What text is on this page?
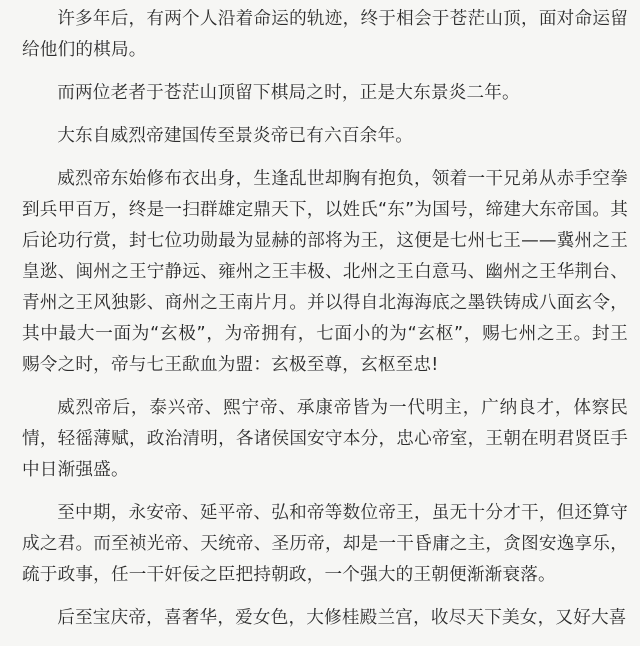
许多年后，有两个人沿着命运的轨迹，终于相会于苍茫山顶，面对命运留给他们的棋局。

而两位老者于苍茫山顶留下棋局之时，正是大东景炎二年。

大东自威烈帝建国传至景炎帝已有六百余年。

威烈帝东始修布衣出身，生逢乱世却胸有抱负，领着一干兄弟从赤手空拳到兵甲百万，终是一扫群雄定鼎天下，以姓氏“东”为国号，缔建大东帝国。其后论功行赏，封七位功勋最为显赫的部将为王，这便是七州七王——冀州之王皇逖、闽州之王宁静远、雍州之王丰极、北州之王白意马、幽州之王华荆台、青州之王风独影、商州之王南片月。并以得自北海海底之墨铁铸成八面玄令，其中最大一面为“玄极”，为帝拥有，七面小的为“玄枢”，赐七州之王。封王赐令之时，帝与七王歃血为盟：玄极至尊，玄枢至忠!

威烈帝后，泰兴帝、熙宁帝、承康帝皆为一代明主，广纳良才，体察民情，轻徭薄赋，政治清明，各诸侯国安守本分，忠心帝室，王朝在明君贤臣手中日渐强盛。

至中期，永安帝、延平帝、弘和帝等数位帝王，虽无十分才干，但还算守成之君。而至祯光帝、天统帝、圣历帝，却是一干昏庸之主，贪图安逸享乐，疏于政事，任一干奸佞之臣把持朝政，一个强大的王朝便渐渐衰落。

后至宝庆帝，喜奢华，爱女色，大修桂殿兰宫，收尽天下美女，又好大喜
